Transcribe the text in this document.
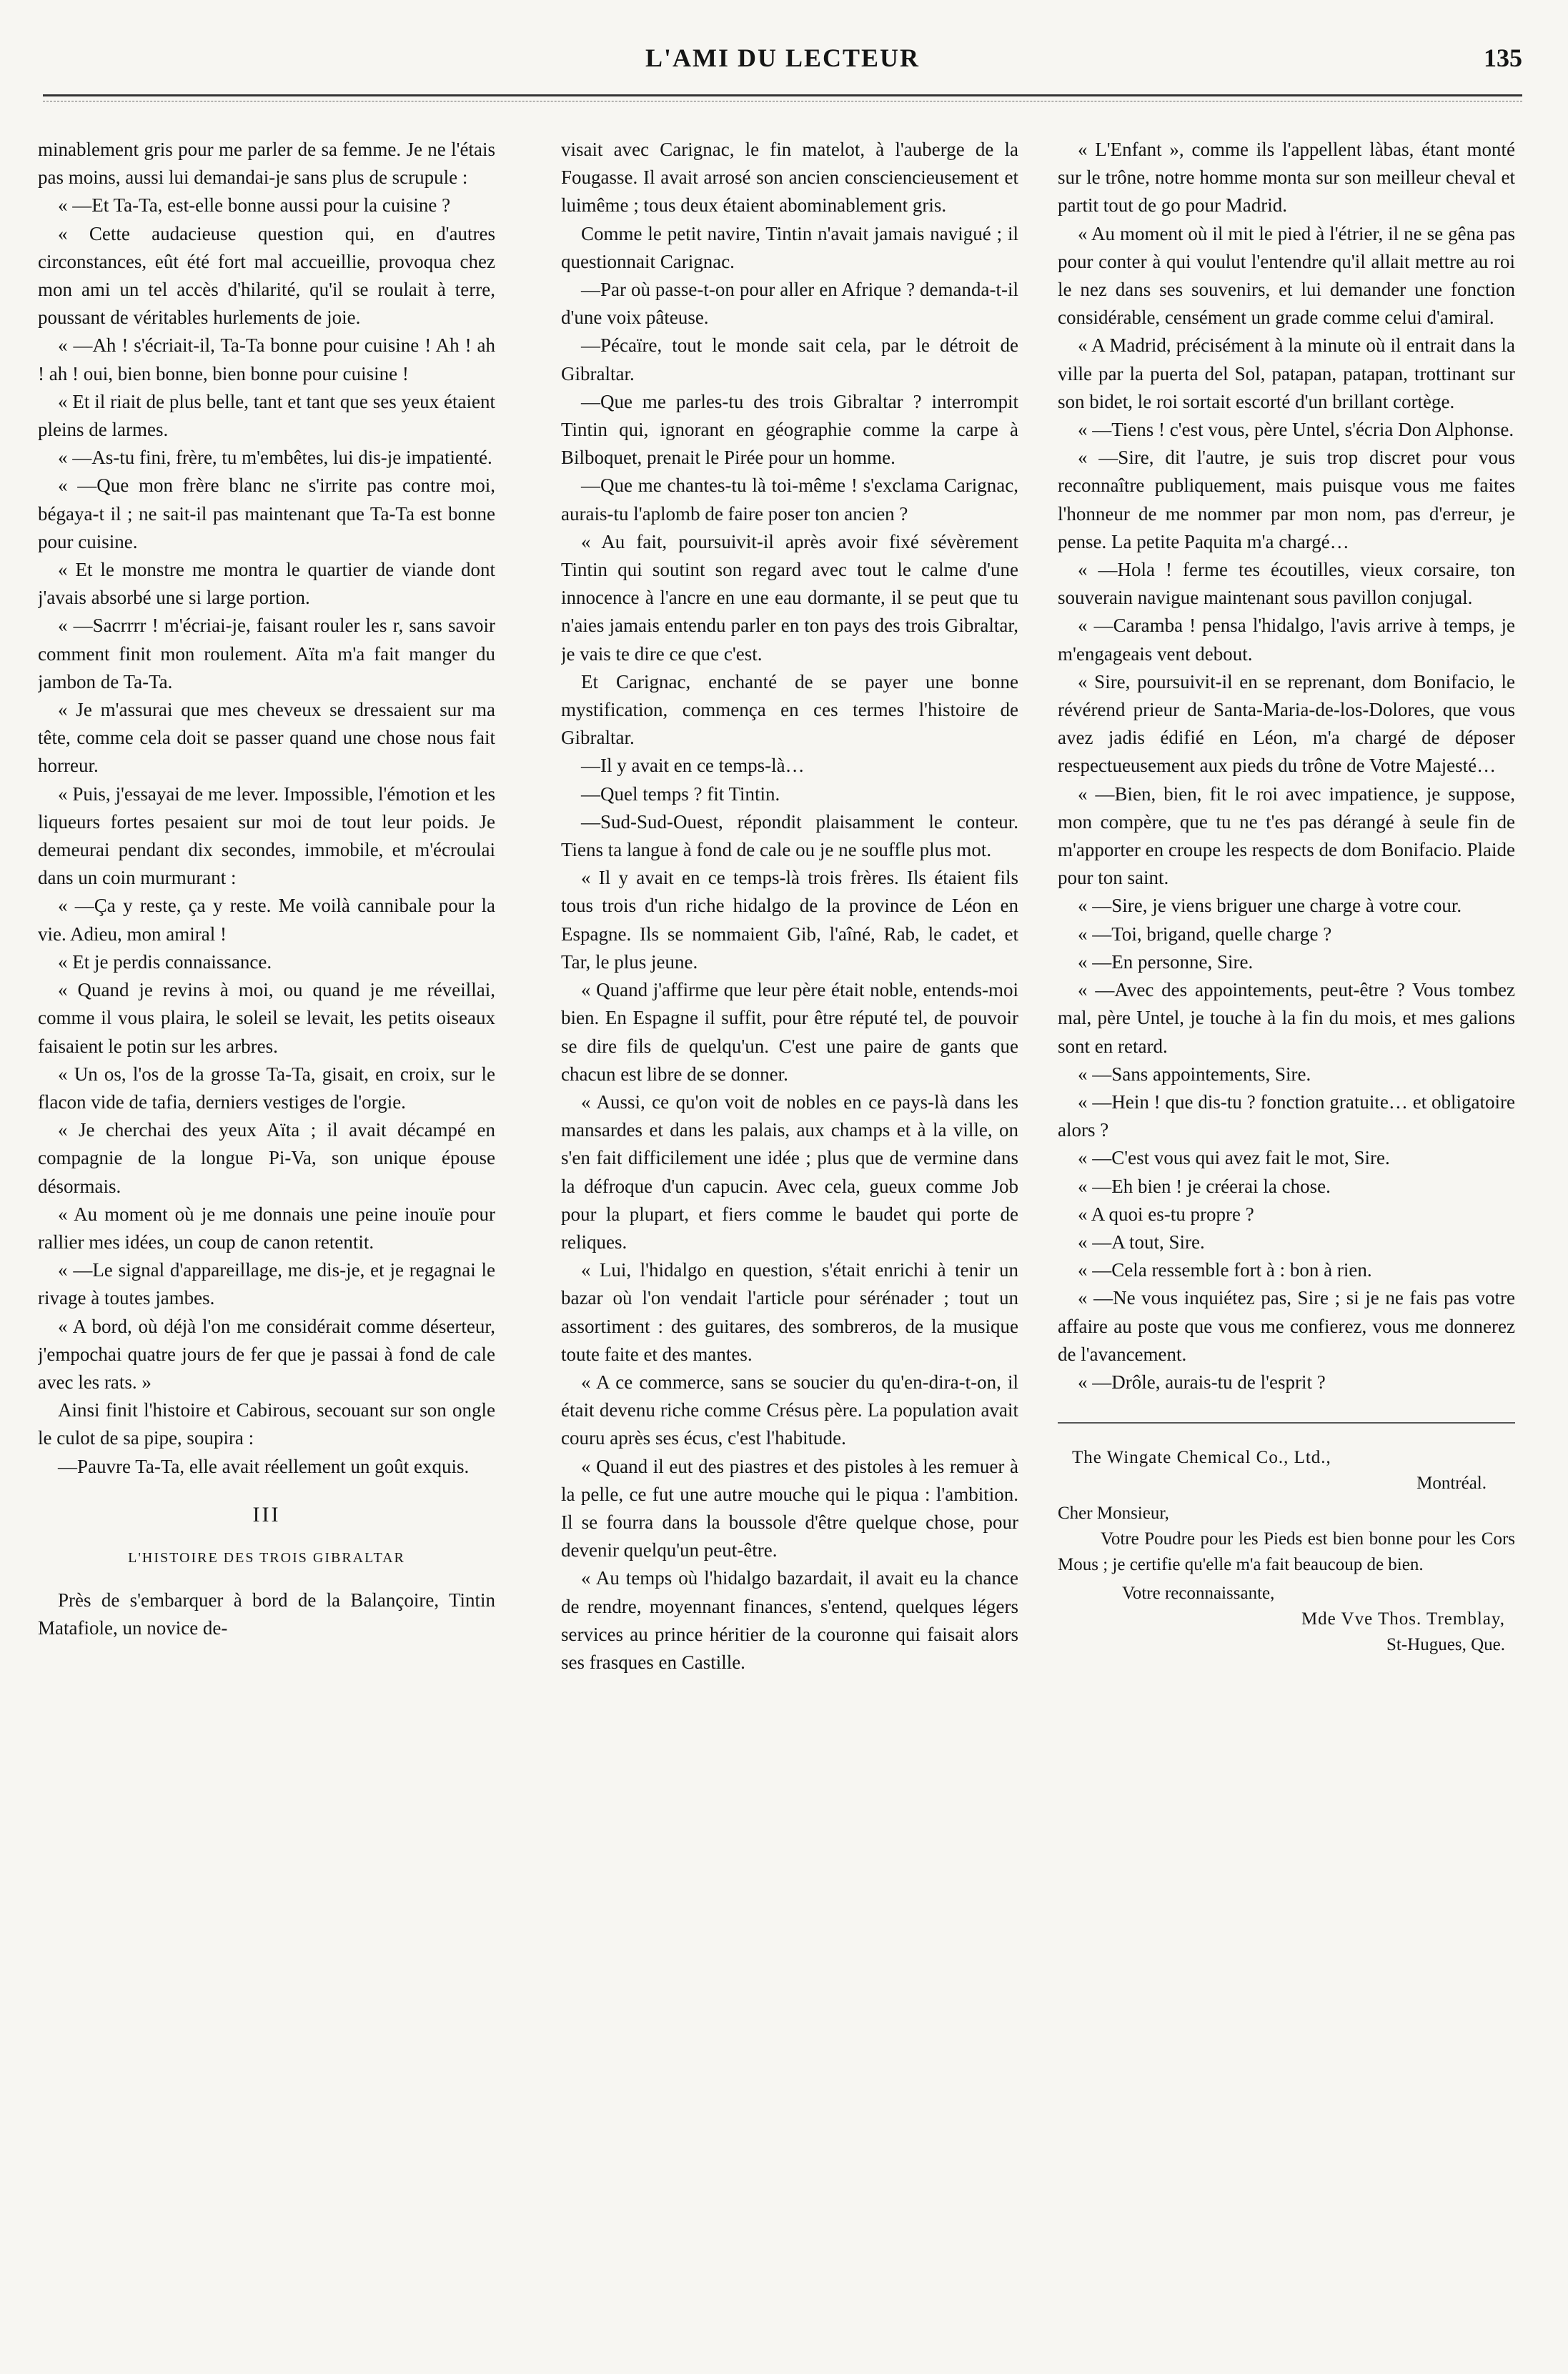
L'AMI DU LECTEUR	135

minablement gris pour me parler de sa femme. Je ne l'étais pas moins, aussi lui demandai-je sans plus de scrupule :

« —Et Ta-Ta, est-elle bonne aussi pour la cuisine ?

« Cette audacieuse question qui, en d'autres circonstances, eût été fort mal accueillie, provoqua chez mon ami un tel accès d'hilarité, qu'il se roulait à terre, poussant de véritables hurlements de joie.

« —Ah ! s'écriait-il, Ta-Ta bonne pour cuisine ! Ah ! ah ! ah ! oui, bien bonne, bien bonne pour cuisine !

« Et il riait de plus belle, tant et tant que ses yeux étaient pleins de larmes.

« —As-tu fini, frère, tu m'embêtes, lui dis-je impatienté.

« —Que mon frère blanc ne s'irrite pas contre moi, bégaya-t il ; ne sait-il pas maintenant que Ta-Ta est bonne pour cuisine.

« Et le monstre me montra le quartier de viande dont j'avais absorbé une si large portion.

« —Sacrrrr ! m'écriai-je, faisant rouler les r, sans savoir comment finit mon roulement. Aïta m'a fait manger du jambon de Ta-Ta.

« Je m'assurai que mes cheveux se dressaient sur ma tête, comme cela doit se passer quand une chose nous fait horreur.

« Puis, j'essayai de me lever. Impossible, l'émotion et les liqueurs fortes pesaient sur moi de tout leur poids. Je demeurai pendant dix secondes, immobile, et m'écroulai dans un coin murmurant :

« —Ça y reste, ça y reste. Me voilà cannibale pour la vie. Adieu, mon amiral !

« Et je perdis connaissance.

« Quand je revins à moi, ou quand je me réveillai, comme il vous plaira, le soleil se levait, les petits oiseaux faisaient le potin sur les arbres.

« Un os, l'os de la grosse Ta-Ta, gisait, en croix, sur le flacon vide de tafia, derniers vestiges de l'orgie.

« Je cherchai des yeux Aïta ; il avait décampé en compagnie de la longue Pi-Va, son unique épouse désormais.

« Au moment où je me donnais une peine inouïe pour rallier mes idées, un coup de canon retentit.

« —Le signal d'appareillage, me dis-je, et je regagnai le rivage à toutes jambes.

« A bord, où déjà l'on me considérait comme déserteur, j'empochai quatre jours de fer que je passai à fond de cale avec les rats. »

Ainsi finit l'histoire et Cabirous, secouant sur son ongle le culot de sa pipe, soupira :

—Pauvre Ta-Ta, elle avait réellement un goût exquis.

III
L'HISTOIRE DES TROIS GIBRALTAR

Près de s'embarquer à bord de la Balançoire, Tintin Matafiole, un novice de-

visait avec Carignac, le fin matelot, à l'auberge de la Fougasse. Il avait arrosé son ancien consciencieusement et luimême ; tous deux étaient abominablement gris.

Comme le petit navire, Tintin n'avait jamais navigué ; il questionnait Carignac.

—Par où passe-t-on pour aller en Afrique ? demanda-t-il d'une voix pâteuse.

—Pécaïre, tout le monde sait cela, par le détroit de Gibraltar.

—Que me parles-tu des trois Gibraltar ? interrompit Tintin qui, ignorant en géographie comme la carpe à Bilboquet, prenait le Pirée pour un homme.

—Que me chantes-tu là toi-même ! s'exclama Carignac, aurais-tu l'aplomb de faire poser ton ancien ?

« Au fait, poursuivit-il après avoir fixé sévèrement Tintin qui soutint son regard avec tout le calme d'une innocence à l'ancre en une eau dormante, il se peut que tu n'aies jamais entendu parler en ton pays des trois Gibraltar, je vais te dire ce que c'est.

Et Carignac, enchanté de se payer une bonne mystification, commença en ces termes l'histoire de Gibraltar.

—Il y avait en ce temps-là…

—Quel temps ? fit Tintin.

—Sud-Sud-Ouest, répondit plaisamment le conteur. Tiens ta langue à fond de cale ou je ne souffle plus mot.

« Il y avait en ce temps-là trois frères. Ils étaient fils tous trois d'un riche hidalgo de la province de Léon en Espagne. Ils se nommaient Gib, l'aîné, Rab, le cadet, et Tar, le plus jeune.

« Quand j'affirme que leur père était noble, entends-moi bien. En Espagne il suffit, pour être réputé tel, de pouvoir se dire fils de quelqu'un. C'est une paire de gants que chacun est libre de se donner.

« Aussi, ce qu'on voit de nobles en ce pays-là dans les mansardes et dans les palais, aux champs et à la ville, on s'en fait difficilement une idée ; plus que de vermine dans la défroque d'un capucin. Avec cela, gueux comme Job pour la plupart, et fiers comme le baudet qui porte de reliques.

« Lui, l'hidalgo en question, s'était enrichi à tenir un bazar où l'on vendait l'article pour sérénader ; tout un assortiment : des guitares, des sombreros, de la musique toute faite et des mantes.

« A ce commerce, sans se soucier du qu'en-dira-t-on, il était devenu riche comme Crésus père. La population avait couru après ses écus, c'est l'habitude.

« Quand il eut des piastres et des pistoles à les remuer à la pelle, ce fut une autre mouche qui le piqua : l'ambition. Il se fourra dans la boussole d'être quelque chose, pour devenir quelqu'un peut-être.

« Au temps où l'hidalgo bazardait, il avait eu la chance de rendre, moyennant finances, s'entend, quelques légers services au prince héritier de la couronne qui faisait alors ses frasques en Castille.

« L'Enfant », comme ils l'appellent làbas, étant monté sur le trône, notre homme monta sur son meilleur cheval et partit tout de go pour Madrid.

« Au moment où il mit le pied à l'étrier, il ne se gêna pas pour conter à qui voulut l'entendre qu'il allait mettre au roi le nez dans ses souvenirs, et lui demander une fonction considérable, censément un grade comme celui d'amiral.

« A Madrid, précisément à la minute où il entrait dans la ville par la puerta del Sol, patapan, patapan, trottinant sur son bidet, le roi sortait escorté d'un brillant cortège.

« —Tiens ! c'est vous, père Untel, s'écria Don Alphonse.

« —Sire, dit l'autre, je suis trop discret pour vous reconnaître publiquement, mais puisque vous me faites l'honneur de me nommer par mon nom, pas d'erreur, je pense. La petite Paquita m'a chargé…

« —Hola ! ferme tes écoutilles, vieux corsaire, ton souverain navigue maintenant sous pavillon conjugal.

« —Caramba ! pensa l'hidalgo, l'avis arrive à temps, je m'engageais vent debout.

« Sire, poursuivit-il en se reprenant, dom Bonifacio, le révérend prieur de Santa-Maria-de-los-Dolores, que vous avez jadis édifié en Léon, m'a chargé de déposer respectueusement aux pieds du trône de Votre Majesté…

« —Bien, bien, fit le roi avec impatience, je suppose, mon compère, que tu ne t'es pas dérangé à seule fin de m'apporter en croupe les respects de dom Bonifacio. Plaide pour ton saint.

« —Sire, je viens briguer une charge à votre cour.

« —Toi, brigand, quelle charge ?

« —En personne, Sire.

« —Avec des appointements, peut-être ? Vous tombez mal, père Untel, je touche à la fin du mois, et mes galions sont en retard.

« —Sans appointements, Sire.

« —Hein ! que dis-tu ? fonction gratuite… et obligatoire alors ?

« —C'est vous qui avez fait le mot, Sire.

« —Eh bien ! je créerai la chose.

« A quoi es-tu propre ?

« —A tout, Sire.

« —Cela ressemble fort à : bon à rien.

« —Ne vous inquiétez pas, Sire ; si je ne fais pas votre affaire au poste que vous me confierez, vous me donnerez de l'avancement.

« —Drôle, aurais-tu de l'esprit ?

The Wingate Chemical Co., Ltd.,
Montréal.
Cher Monsieur,
Votre Poudre pour les Pieds est bien bonne pour les Cors Mous ; je certifie qu'elle m'a fait beaucoup de bien.
Votre reconnaissante,
Mde Vve Thos. Tremblay,
St-Hugues, Que.
